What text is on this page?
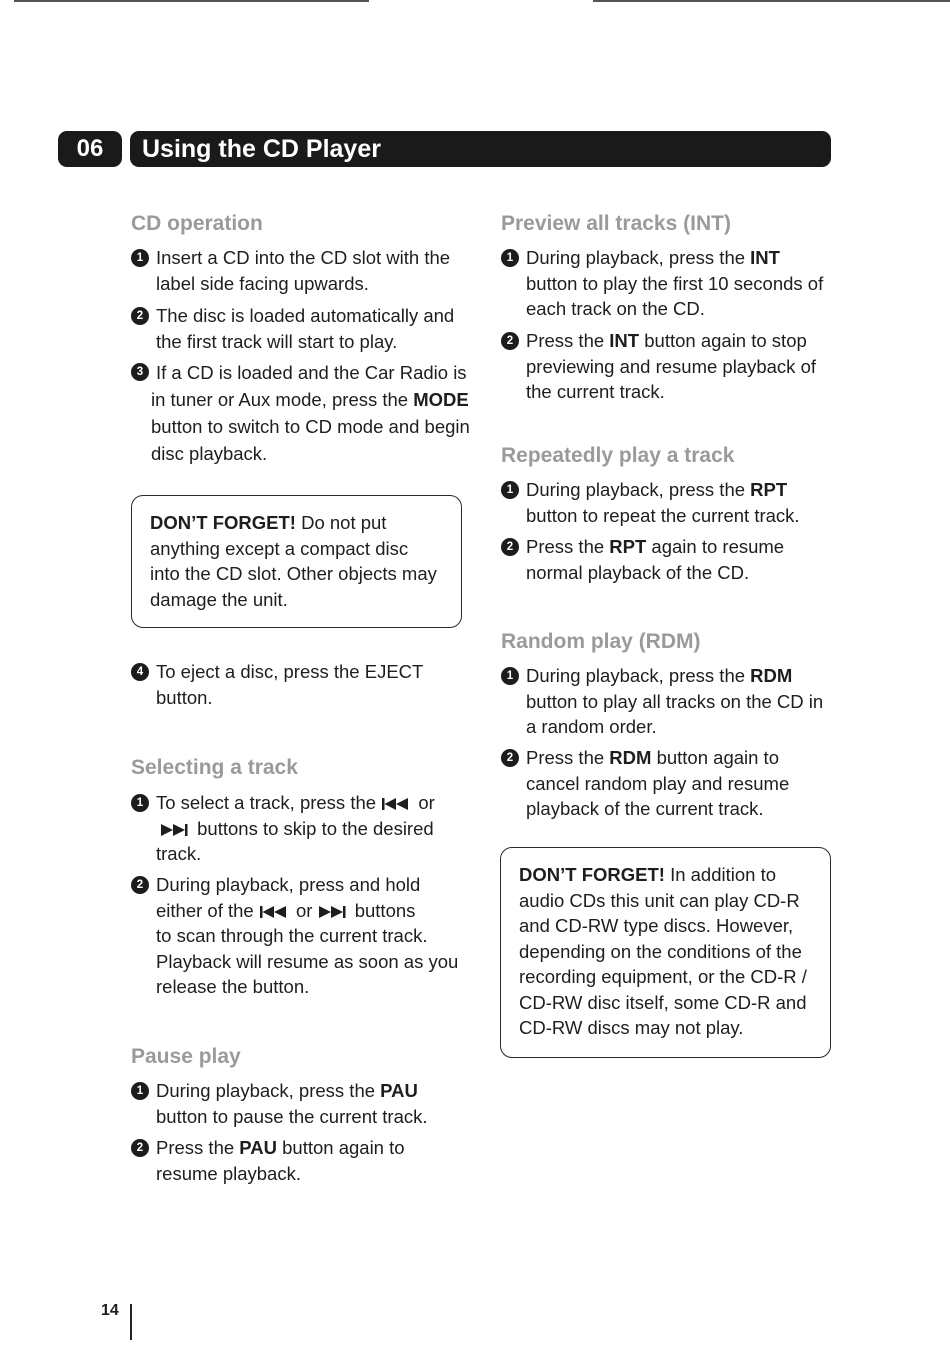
06	Using the CD Player
CD operation
1 Insert a CD into the CD slot with the
label side facing upwards.
2 The disc is loaded automatically and
the first track will start to play.
3 If a CD is loaded and the Car Radio is
in tuner or Aux mode, press the MODE
button to switch to CD mode and begin
disc playback.
DON’T FORGET! Do not put
anything except a compact disc
into the CD slot. Other objects may
damage the unit.
4 To eject a disc, press the EJECT
button.
Selecting a track
1 To select a track, press the
or
buttons to skip to the desired
track.
2 During playback, press and hold
either of the
or
buttons
to scan through the current track.
Playback will resume as soon as you
release the button.
Pause play
1 During playback, press the PAU
button to pause the current track.
2 Press the PAU button again to
resume playback.
Preview all tracks (INT)
1 During playback, press the INT
button to play the first 10 seconds of
each track on the CD.
2 Press the INT button again to stop
previewing and resume playback of
the current track.
Repeatedly play a track
1 During playback, press the RPT
button to repeat the current track.
2 Press the RPT again to resume
normal playback of the CD.
Random play (RDM)
1 During playback, press the RDM
button to play all tracks on the CD in
a random order.
2 Press the RDM button again to
cancel random play and resume
playback of the current track.
DON’T FORGET! In addition to
audio CDs this unit can play CD-R
and CD-RW type discs. However,
depending on the conditions of the
recording equipment, or the CD-R /
CD-RW disc itself, some CD-R and
CD-RW discs may not play.
14
